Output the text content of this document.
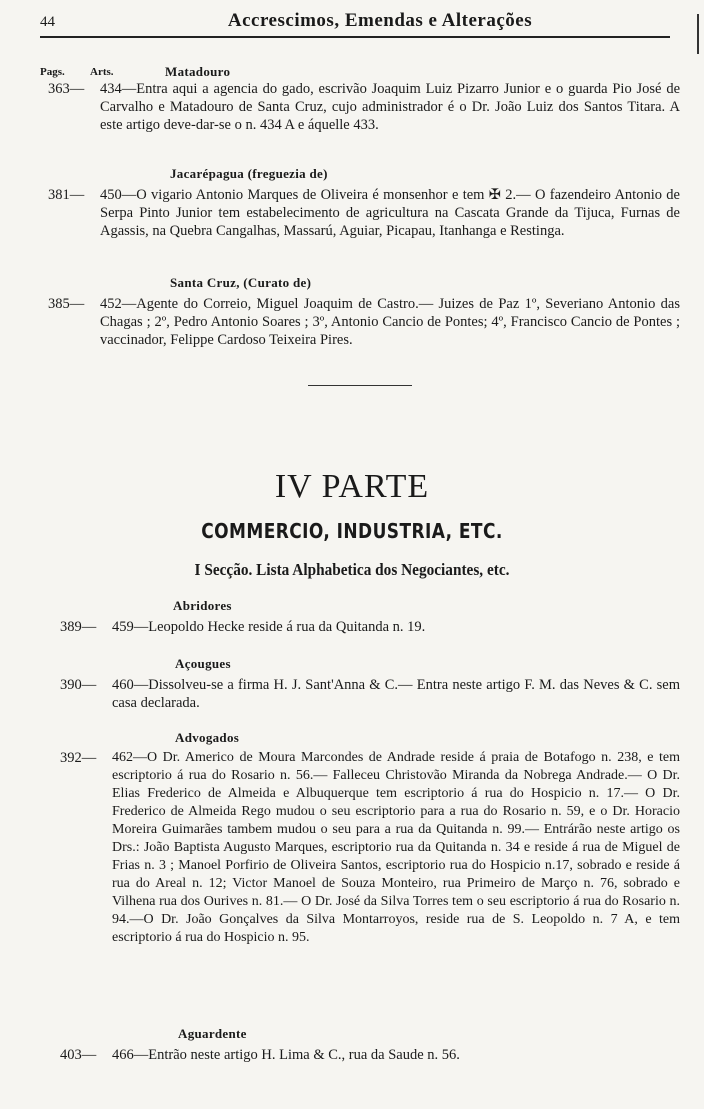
44	Accrescimos, Emendas e Alterações
Pags. Arts.	Matadouro
363— 434—Entra aqui a agencia do gado, escrivão Joaquim Luiz Pizarro Junior e o guarda Pio José de Carvalho e Matadouro de Santa Cruz, cujo administrador é o Dr. João Luiz dos Santos Titara. A este artigo deve-dar-se o n. 434 A e áquelle 433.
Jacarépagua (freguezia de)
381— 450—O vigario Antonio Marques de Oliveira é monsenhor e tem ✠ 2.— O fazendeiro Antonio de Serpa Pinto Junior tem estabelecimento de agricultura na Cascata Grande da Tijuca, Furnas de Agassis, na Quebra Cangalhas, Massarú, Aguiar, Picapau, Itanhanga e Restinga.
Santa Cruz, (Curato de)
385— 452—Agente do Correio, Miguel Joaquim de Castro.— Juizes de Paz 1º, Severiano Antonio das Chagas ; 2º, Pedro Antonio Soares ; 3º, Antonio Cancio de Pontes; 4º, Francisco Cancio de Pontes ; vaccinador, Felippe Cardoso Teixeira Pires.
IV PARTE
COMMERCIO, INDUSTRIA, ETC.
I Secção. Lista Alphabetica dos Negociantes, etc.
Abridores
389— 459—Leopoldo Hecke reside á rua da Quitanda n. 19.
Açougues
390— 460—Dissolveu-se a firma H. J. Sant'Anna & C.— Entra neste artigo F. M. das Neves & C. sem casa declarada.
Advogados
392— 462—O Dr. Americo de Moura Marcondes de Andrade reside á praia de Botafogo n. 238, e tem escriptorio á rua do Rosario n. 56.— Falleceu Christovão Miranda da Nobrega Andrade.— O Dr. Elias Frederico de Almeida e Albuquerque tem escriptorio á rua do Hospicio n. 17.— O Dr. Frederico de Almeida Rego mudou o seu escriptorio para a rua do Rosario n. 59, e o Dr. Horacio Moreira Guimarães tambem mudou o seu para a rua da Quitanda n. 99.— Entrárão neste artigo os Drs.: João Baptista Augusto Marques, escriptorio rua da Quitanda n. 34 e reside á rua de Miguel de Frias n. 3 ; Manoel Porfirio de Oliveira Santos, escriptorio rua do Hospicio n.17, sobrado e reside á rua do Areal n. 12; Victor Manoel de Souza Monteiro, rua Primeiro de Março n. 76, sobrado e Vilhena rua dos Ourives n. 81.— O Dr. José da Silva Torres tem o seu escriptorio á rua do Rosario n. 94.—O Dr. João Gonçalves da Silva Montarroyos, reside rua de S. Leopoldo n. 7 A, e tem escriptorio á rua do Hospicio n. 95.
Aguardente
403— 466—Entrão neste artigo H. Lima & C., rua da Saude n. 56.
